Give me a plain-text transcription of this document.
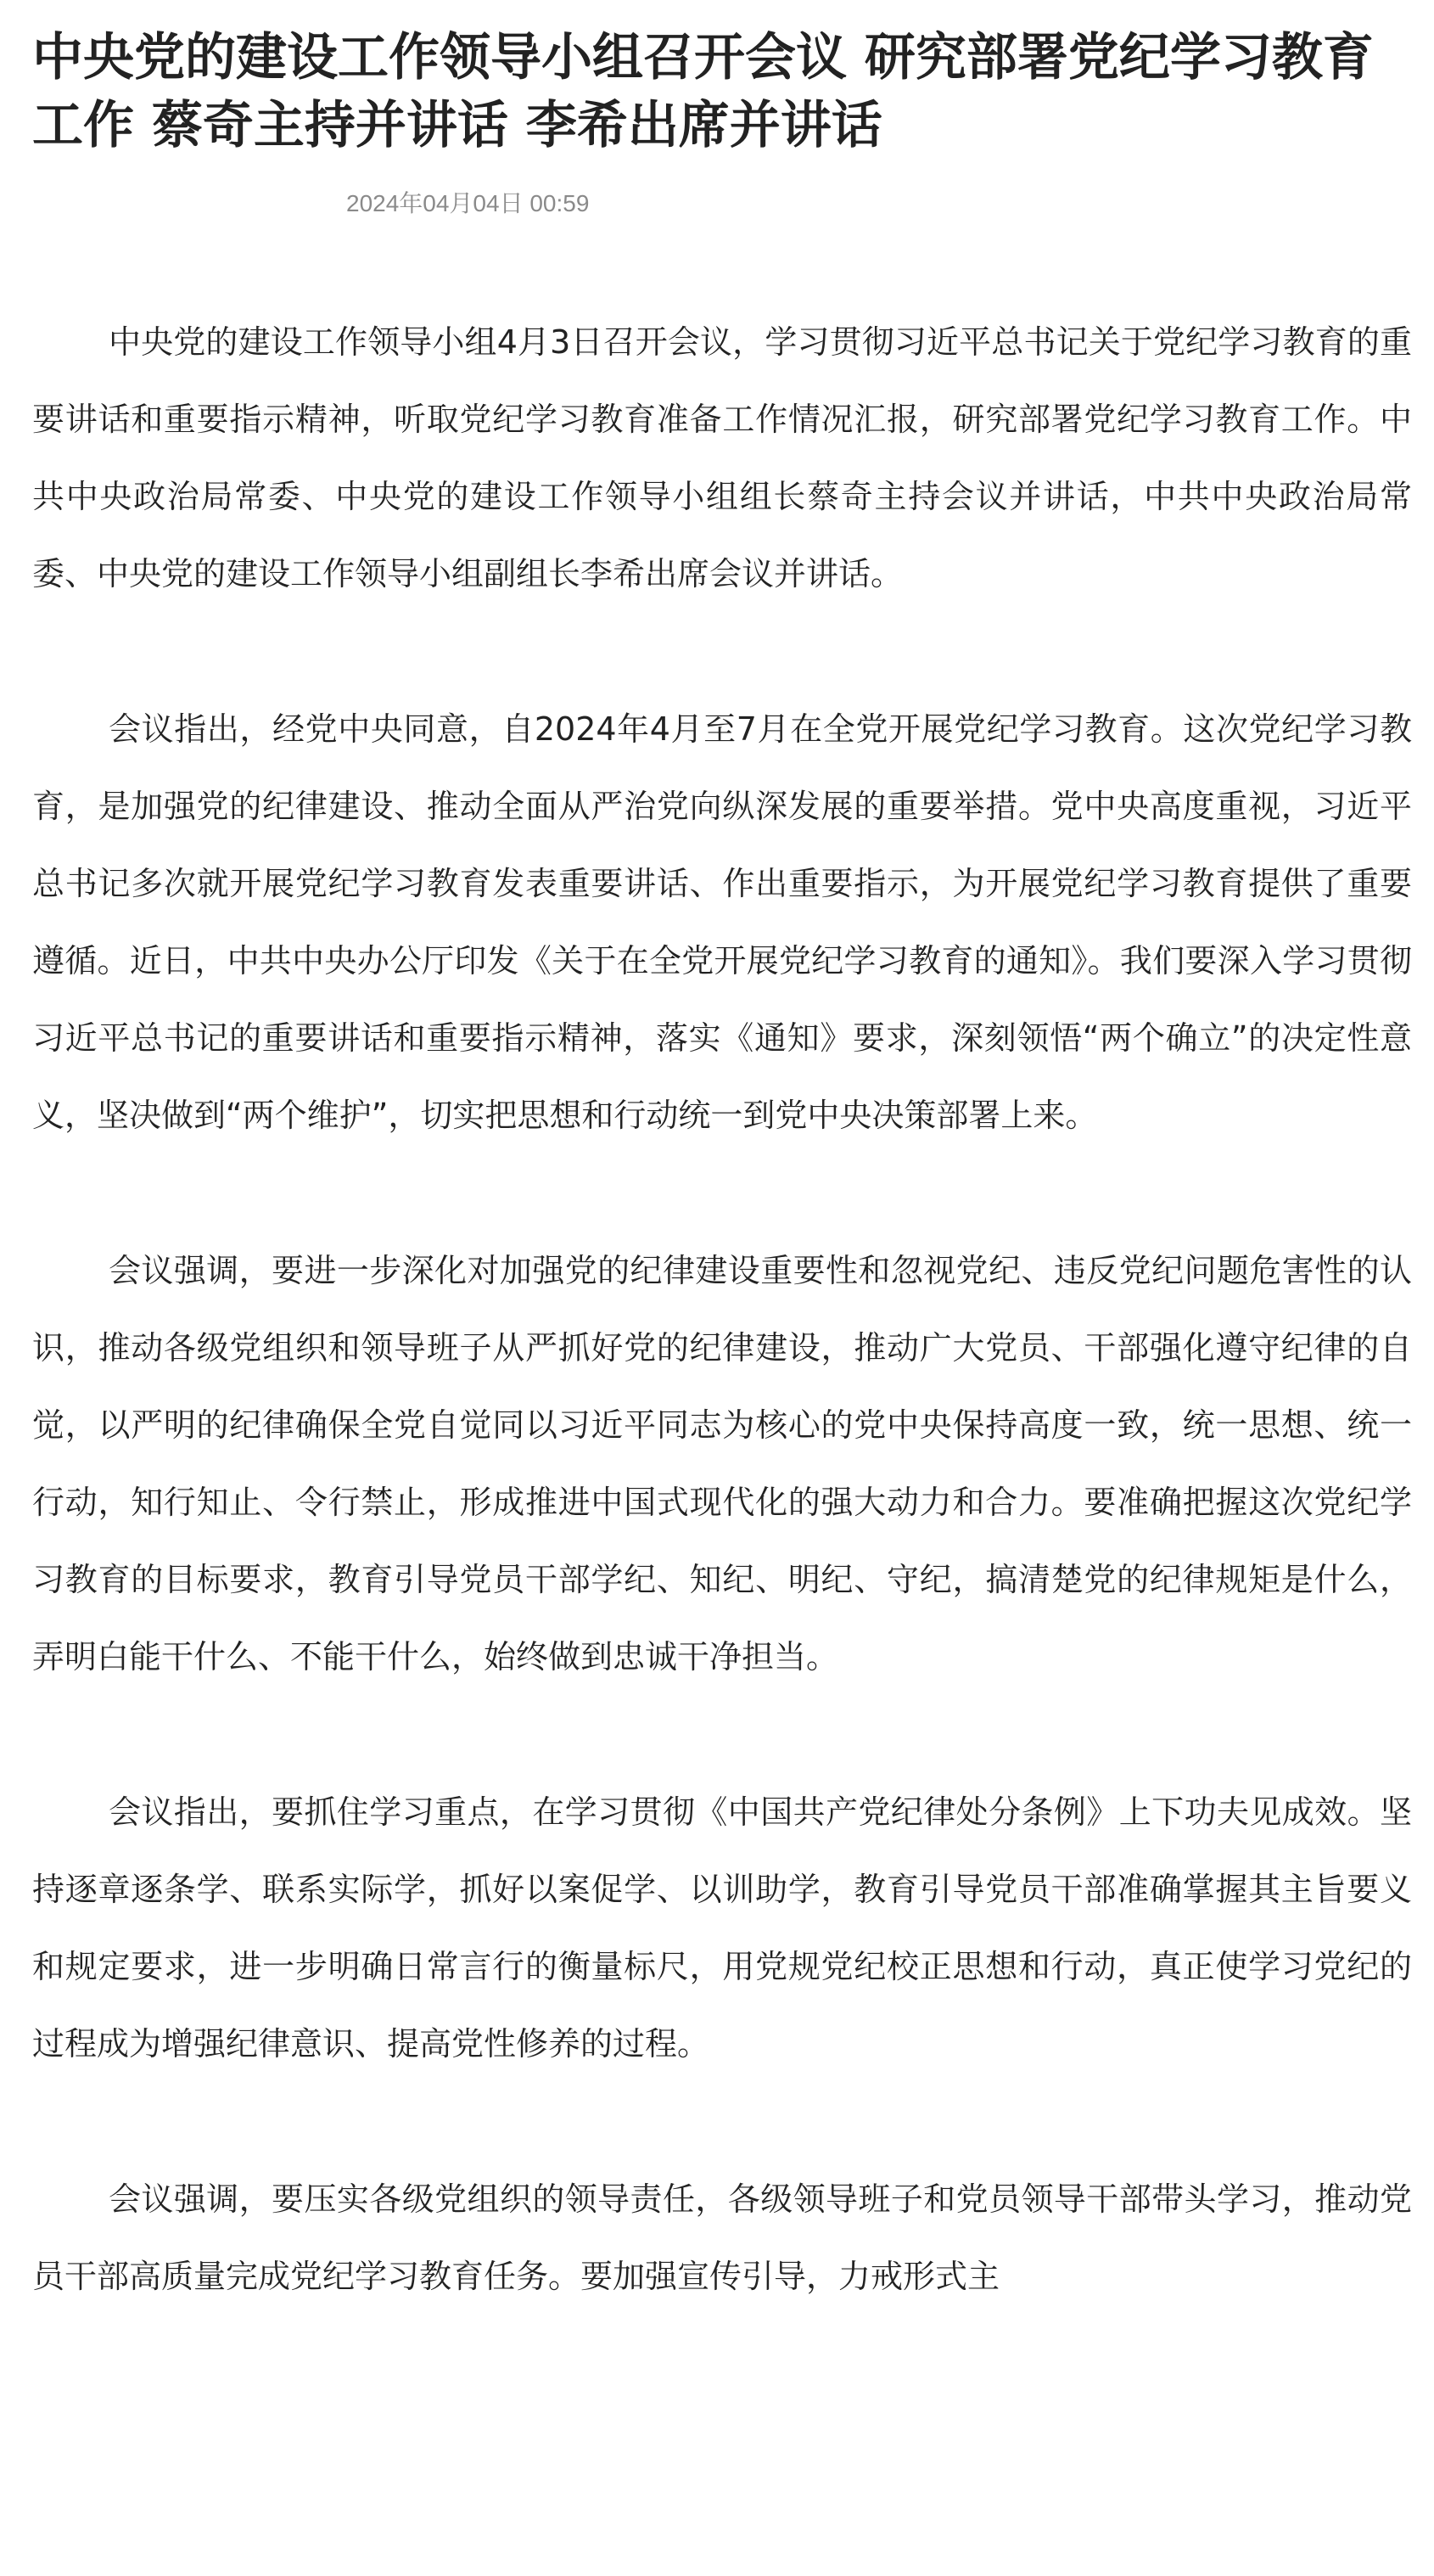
中央党的建设工作领导小组召开会议 研究部署党纪学习教育工作 蔡奇主持并讲话 李希出席并讲话
2024年04月04日 00:59

中央党的建设工作领导小组4月3日召开会议，学习贯彻习近平总书记关于党纪学习教育的重要讲话和重要指示精神，听取党纪学习教育准备工作情况汇报，研究部署党纪学习教育工作。中共中央政治局常委、中央党的建设工作领导小组组长蔡奇主持会议并讲话，中共中央政治局常委、中央党的建设工作领导小组副组长李希出席会议并讲话。

会议指出，经党中央同意，自2024年4月至7月在全党开展党纪学习教育。这次党纪学习教育，是加强党的纪律建设、推动全面从严治党向纵深发展的重要举措。党中央高度重视，习近平总书记多次就开展党纪学习教育发表重要讲话、作出重要指示，为开展党纪学习教育提供了重要遵循。近日，中共中央办公厅印发《关于在全党开展党纪学习教育的通知》。我们要深入学习贯彻习近平总书记的重要讲话和重要指示精神，落实《通知》要求，深刻领悟“两个确立”的决定性意义，坚决做到“两个维护”，切实把思想和行动统一到党中央决策部署上来。

会议强调，要进一步深化对加强党的纪律建设重要性和忽视党纪、违反党纪问题危害性的认识，推动各级党组织和领导班子从严抓好党的纪律建设，推动广大党员、干部强化遵守纪律的自觉，以严明的纪律确保全党自觉同以习近平同志为核心的党中央保持高度一致，统一思想、统一行动，知行知止、令行禁止，形成推进中国式现代化的强大动力和合力。要准确把握这次党纪学习教育的目标要求，教育引导党员干部学纪、知纪、明纪、守纪，搞清楚党的纪律规矩是什么，弄明白能干什么、不能干什么，始终做到忠诚干净担当。

会议指出，要抓住学习重点，在学习贯彻《中国共产党纪律处分条例》上下功夫见成效。坚持逐章逐条学、联系实际学，抓好以案促学、以训助学，教育引导党员干部准确掌握其主旨要义和规定要求，进一步明确日常言行的衡量标尺，用党规党纪校正思想和行动，真正使学习党纪的过程成为增强纪律意识、提高党性修养的过程。

会议强调，要压实各级党组织的领导责任，各级领导班子和党员领导干部带头学习，推动党员干部高质量完成党纪学习教育任务。要加强宣传引导，力戒形式主
